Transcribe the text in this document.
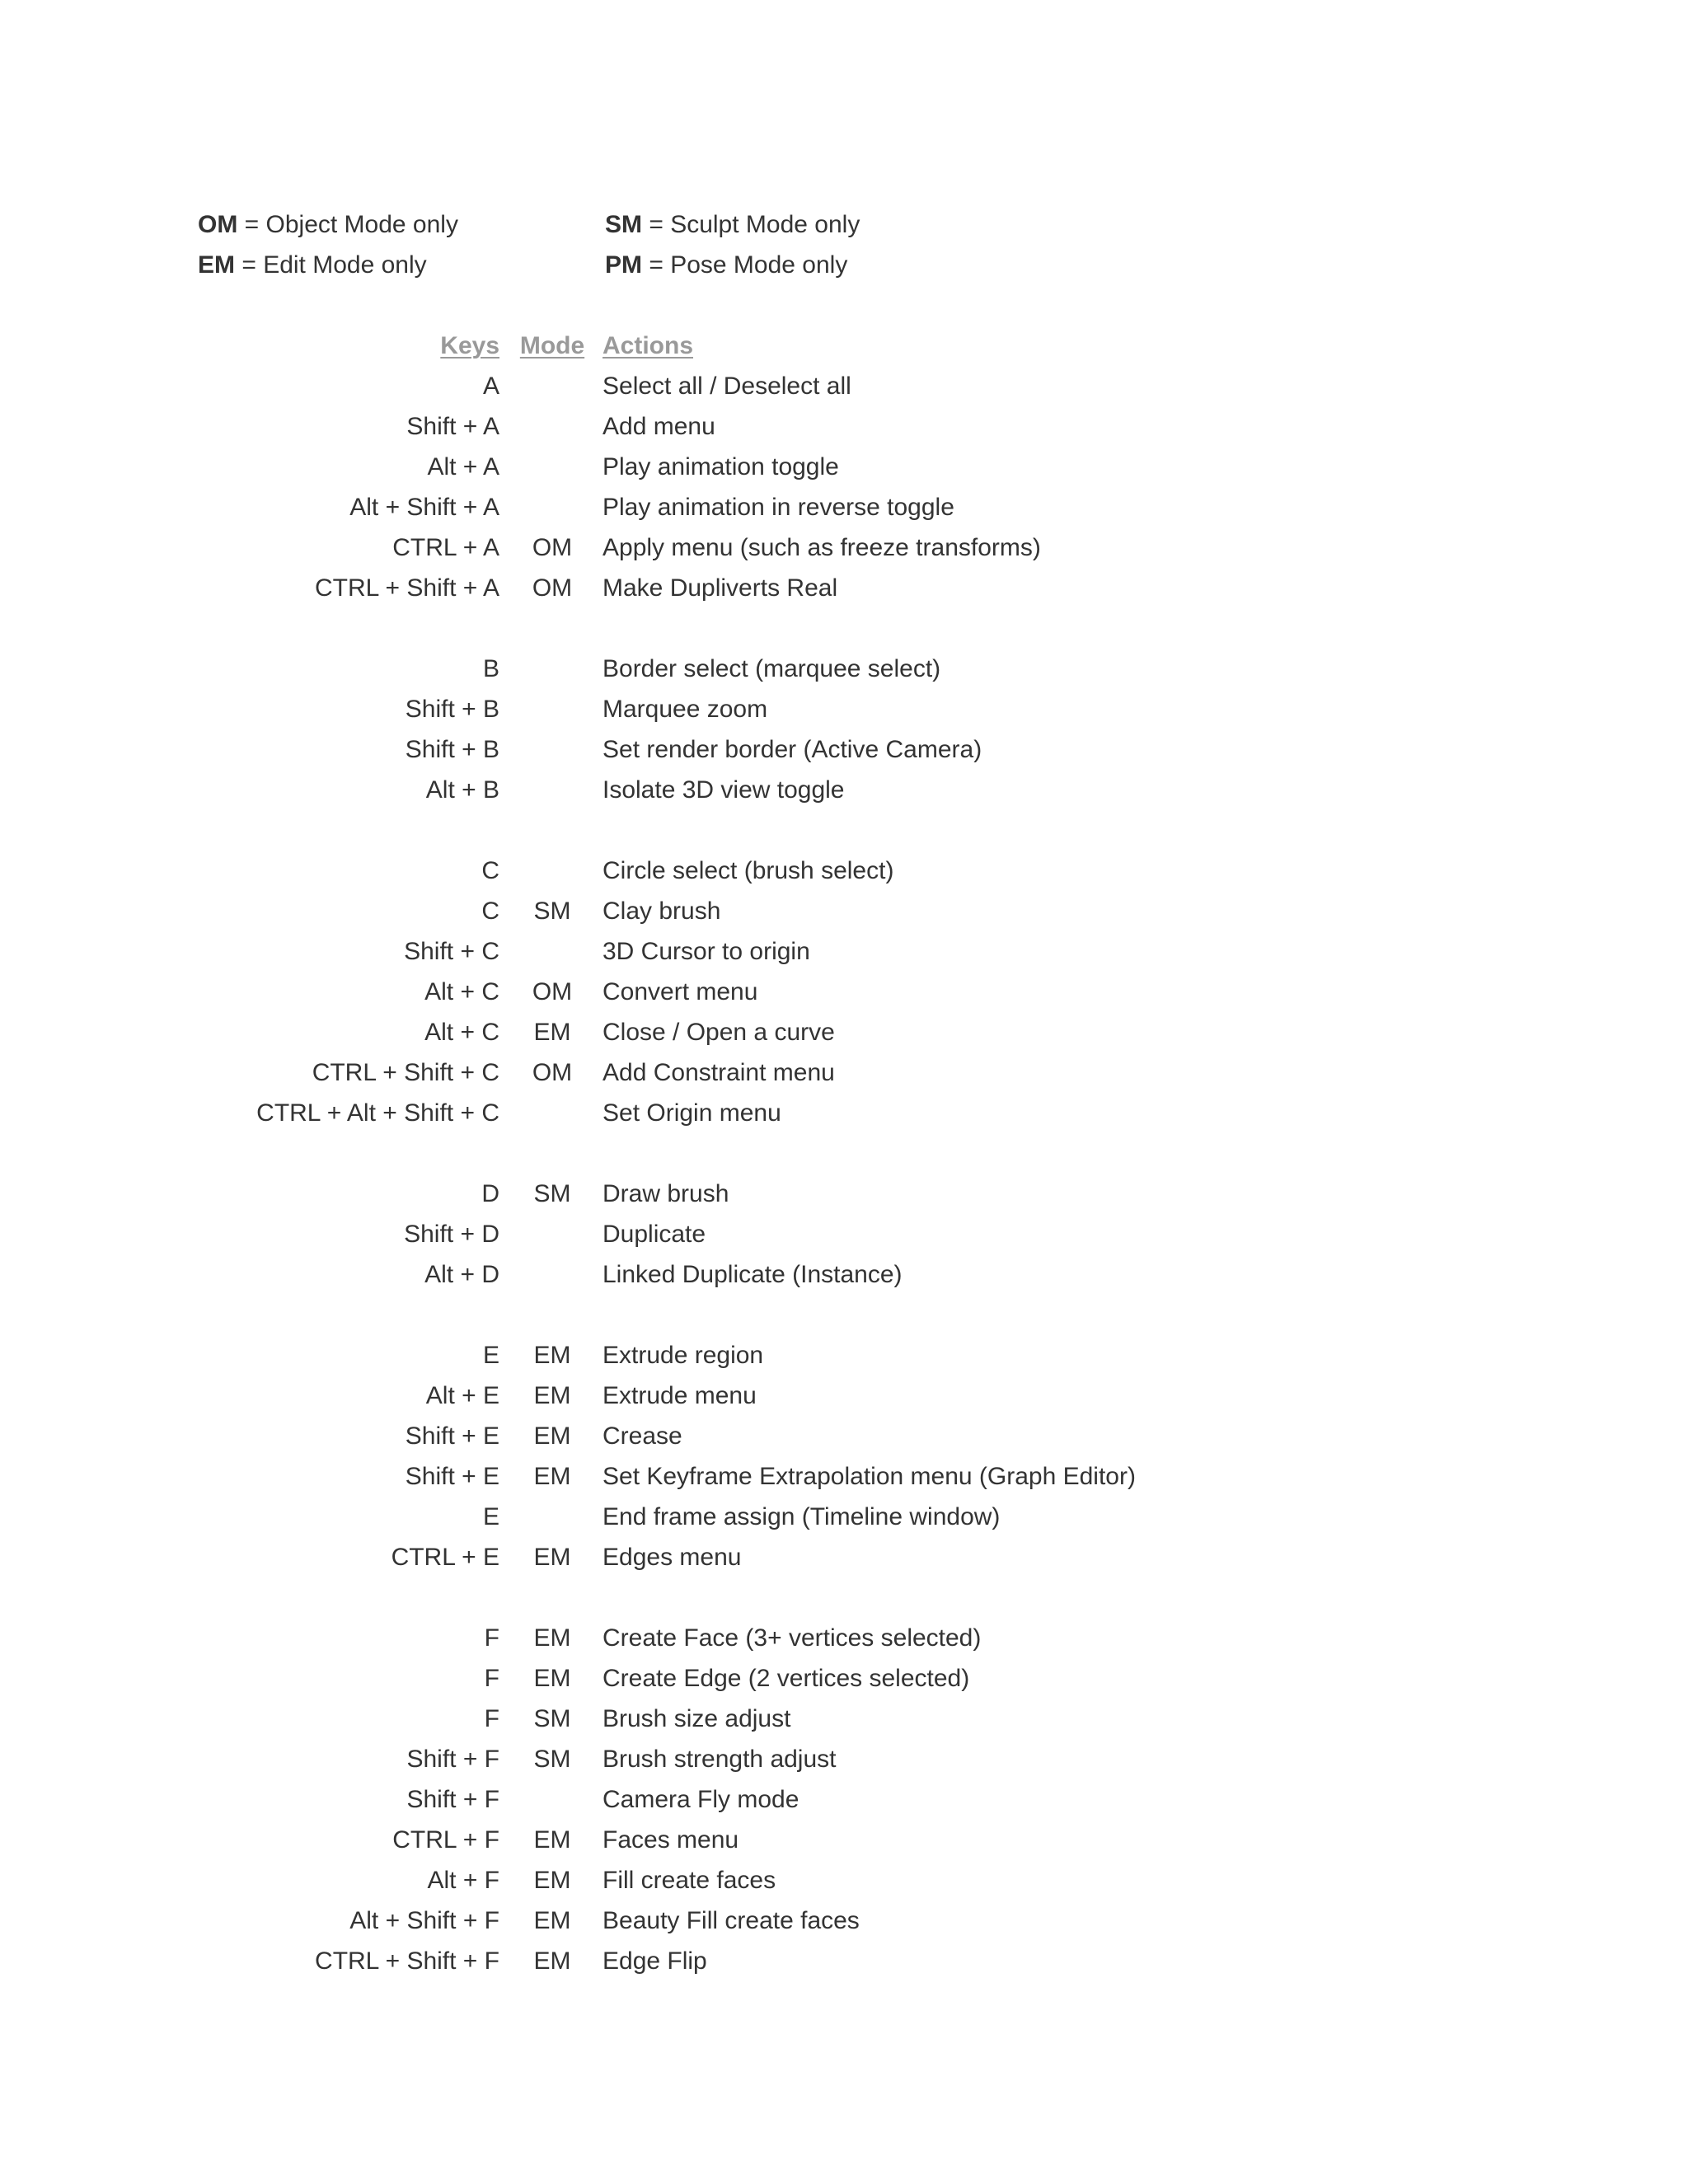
OM = Object Mode only	SM = Sculpt Mode only
EM = Edit Mode only	PM = Pose Mode only
Keys Mode Actions
A	Select all / Deselect all
Shift + A	Add menu
Alt + A	Play animation toggle
Alt + Shift + A	Play animation in reverse toggle
CTRL + A	OM	Apply menu (such as freeze transforms)
CTRL + Shift + A	OM	Make Dupliverts Real
B	Border select (marquee select)
Shift + B	Marquee zoom
Shift + B	Set render border (Active Camera)
Alt + B	Isolate 3D view toggle
C	Circle select (brush select)
C	SM	Clay brush
Shift + C	3D Cursor to origin
Alt + C	OM	Convert menu
Alt + C	EM	Close / Open a curve
CTRL + Shift + C	OM	Add Constraint menu
CTRL + Alt + Shift + C	Set Origin menu
D	SM	Draw brush
Shift + D	Duplicate
Alt + D	Linked Duplicate (Instance)
E	EM	Extrude region
Alt + E	EM	Extrude menu
Shift + E	EM	Crease
Shift + E	EM	Set Keyframe Extrapolation menu (Graph Editor)
E	End frame assign (Timeline window)
CTRL + E	EM	Edges menu
F	EM	Create Face (3+ vertices selected)
F	EM	Create Edge (2 vertices selected)
F	SM	Brush size adjust
Shift + F	SM	Brush strength adjust
Shift + F	Camera Fly mode
CTRL + F	EM	Faces menu
Alt + F	EM	Fill create faces
Alt + Shift + F	EM	Beauty Fill create faces
CTRL + Shift + F	EM	Edge Flip
